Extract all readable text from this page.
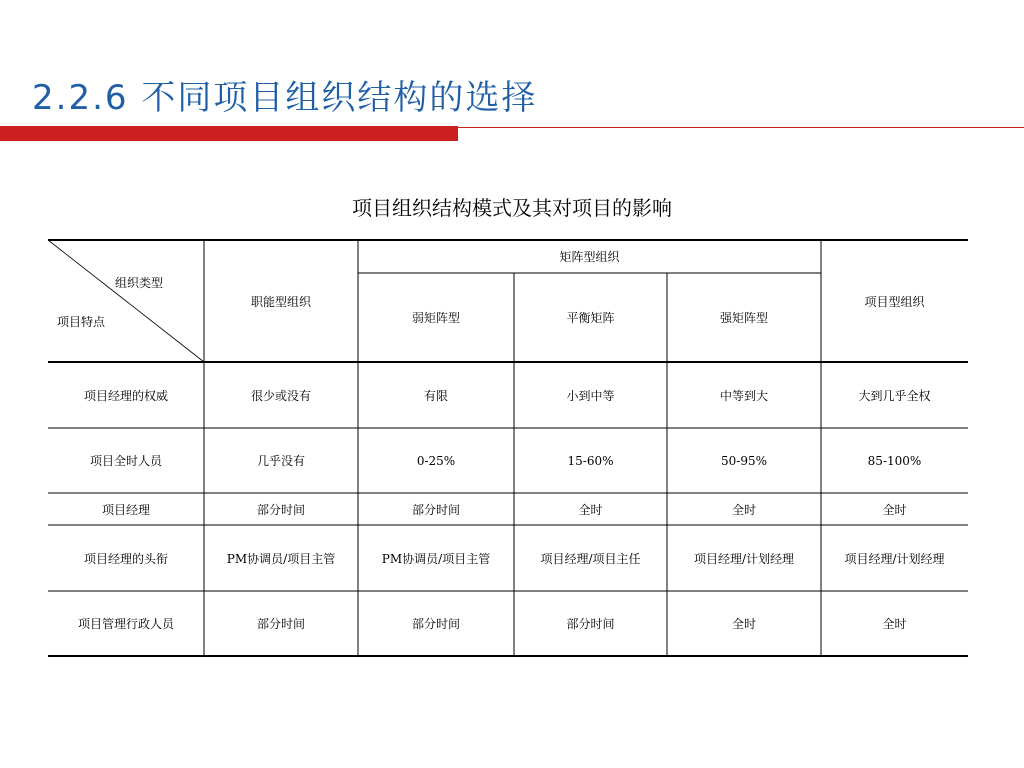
2.2.6 不同项目组织结构的选择
项目组织结构模式及其对项目的影响
组织类型
项目特点
职能型组织
矩阵型组织
弱矩阵型	平衡矩阵	强矩阵型
项目型组织
项目经理的权威	很少或没有	有限	小到中等	中等到大	大到几乎全权
项目全时人员	几乎没有	0-25%	15-60%	50-95%	85-100%
项目经理	部分时间	部分时间	全时	全时	全时
项目经理的头衔	PM协调员/项目主管	PM协调员/项目主管	项目经理/项目主任	项目经理/计划经理	项目经理/计划经理
项目管理行政人员	部分时间	部分时间	部分时间	全时	全时
